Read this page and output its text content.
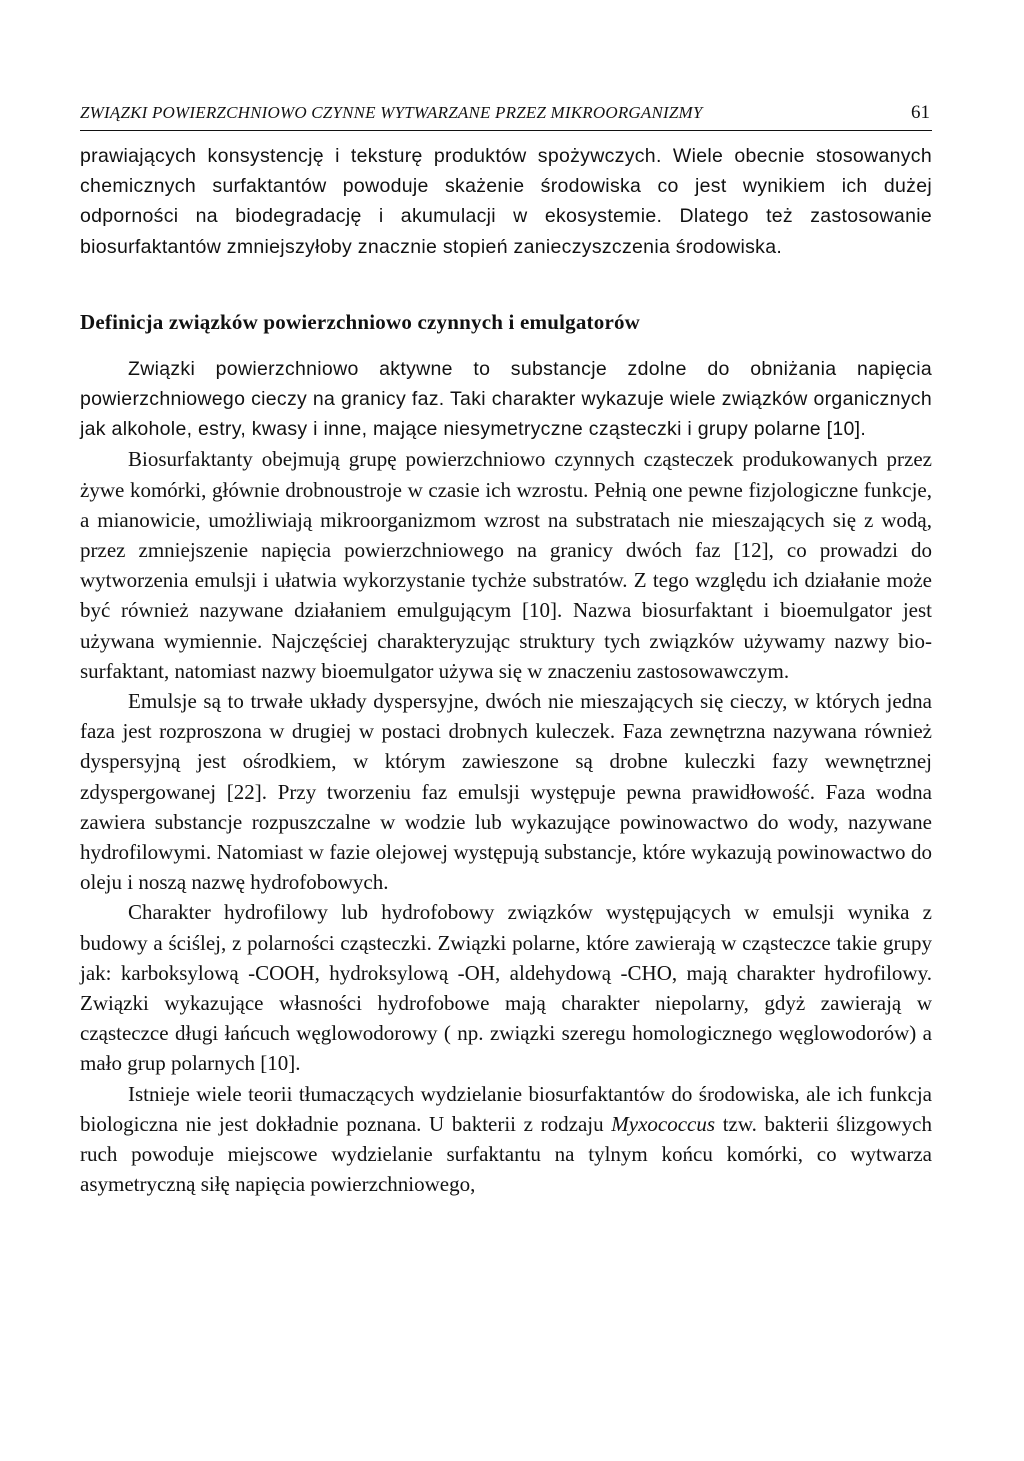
ZWIĄZKI POWIERZCHNIOWO CZYNNE WYTWARZANE PRZEZ MIKROORGANIZMY	61

prawiających konsystencję i teksturę produktów spożywczych. Wiele obecnie stosowanych chemicznych surfaktantów powoduje skażenie środowiska co jest wynikiem ich dużej odporności na biodegradację i akumulacji w ekosystemie. Dlatego też zastosowanie biosurfaktantów zmniejszyłoby znacznie stopień zanieczyszczenia środowiska.

Definicja związków powierzchniowo czynnych i emulgatorów

Związki powierzchniowo aktywne to substancje zdolne do obniżania napięcia powierzchniowego cieczy na granicy faz. Taki charakter wykazuje wiele związków organicznych jak alkohole, estry, kwasy i inne, mające niesymetryczne cząsteczki i grupy polarne [10].

Biosurfaktanty obejmują grupę powierzchniowo czynnych cząsteczek produkowanych przez żywe komórki, głównie drobnoustroje w czasie ich wzrostu. Pełnią one pewne fizjologiczne funkcje, a mianowicie, umożliwiają mikroorganizmom wzrost na substratach nie mieszających się z wodą, przez zmniejszenie napięcia powierzchniowego na granicy dwóch faz [12], co prowadzi do wytworzenia emulsji i ułatwia wykorzystanie tychże substratów. Z tego względu ich działanie może być również nazywane działaniem emulgującym [10]. Nazwa biosurfaktant i bioemulgator jest używana wymiennie. Najczęściej charakteryzując struktury tych związków używamy nazwy biosurfaktant, natomiast nazwy bioemulgator używa się w znaczeniu zastosowawczym.

Emulsje są to trwałe układy dyspersyjne, dwóch nie mieszających się cieczy, w których jedna faza jest rozproszona w drugiej w postaci drobnych kuleczek. Faza zewnętrzna nazywana również dyspersyjną jest ośrodkiem, w którym zawieszone są drobne kuleczki fazy wewnętrznej zdyspergowanej [22]. Przy tworzeniu faz emulsji występuje pewna prawidłowość. Faza wodna zawiera substancje rozpuszczalne w wodzie lub wykazujące powinowactwo do wody, nazywane hydrofilowymi. Natomiast w fazie olejowej występują substancje, które wykazują powinowactwo do oleju i noszą nazwę hydrofobowych.

Charakter hydrofilowy lub hydrofobowy związków występujących w emulsji wynika z budowy a ściślej, z polarności cząsteczki. Związki polarne, które zawierają w cząsteczce takie grupy jak: karboksylową -COOH, hydroksylową -OH, aldehydową -CHO, mają charakter hydrofilowy. Związki wykazujące własności hydrofobowe mają charakter niepolarny, gdyż zawierają w cząsteczce długi łańcuch węglowodorowy ( np. związki szeregu homologicznego węglowodorów) a mało grup polarnych [10].

Istnieje wiele teorii tłumaczących wydzielanie biosurfaktantów do środowiska, ale ich funkcja biologiczna nie jest dokładnie poznana. U bakterii z rodzaju Myxococcus tzw. bakterii ślizgowych ruch powoduje miejscowe wydzielanie surfaktantu na tylnym końcu komórki, co wytwarza asymetryczną siłę napięcia powierzchniowego,
